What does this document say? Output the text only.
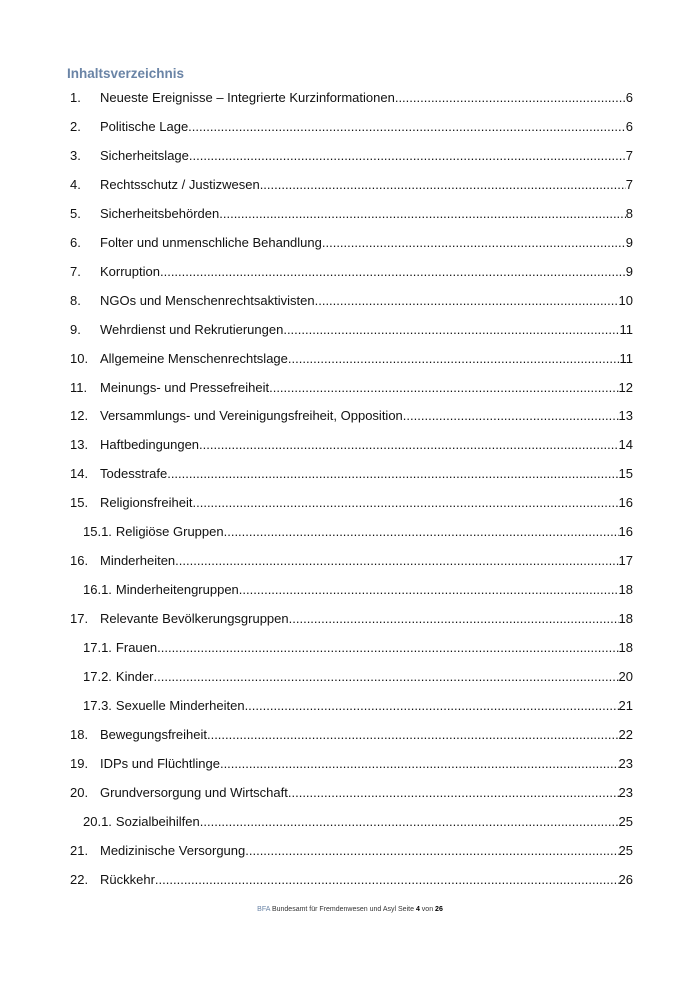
Inhaltsverzeichnis
1.	Neueste Ereignisse – Integrierte Kurzinformationen .....	6
2.	Politische Lage .....	6
3.	Sicherheitslage .....	7
4.	Rechtsschutz / Justizwesen .....	7
5.	Sicherheitsbehörden .....	8
6.	Folter und unmenschliche Behandlung .....	9
7.	Korruption .....	9
8.	NGOs und Menschenrechtsaktivisten .....	10
9.	Wehrdienst und Rekrutierungen .....	11
10. Allgemeine Menschenrechtslage .....	11
11. Meinungs- und Pressefreiheit .....	12
12. Versammlungs- und Vereinigungsfreiheit, Opposition .....	13
13. Haftbedingungen .....	14
14. Todesstrafe .....	15
15. Religionsfreiheit .....	16
15.1. Religiöse Gruppen .....	16
16. Minderheiten .....	17
16.1. Minderheitengruppen .....	18
17. Relevante Bevölkerungsgruppen .....	18
17.1. Frauen .....	18
17.2. Kinder .....	20
17.3. Sexuelle Minderheiten .....	21
18. Bewegungsfreiheit .....	22
19. IDPs und Flüchtlinge .....	23
20. Grundversorgung und Wirtschaft .....	23
20.1. Sozialbeihilfen .....	25
21. Medizinische Versorgung .....	25
22. Rückkehr .....	26
BFA Bundesamt für Fremdenwesen und Asyl Seite 4 von 26
